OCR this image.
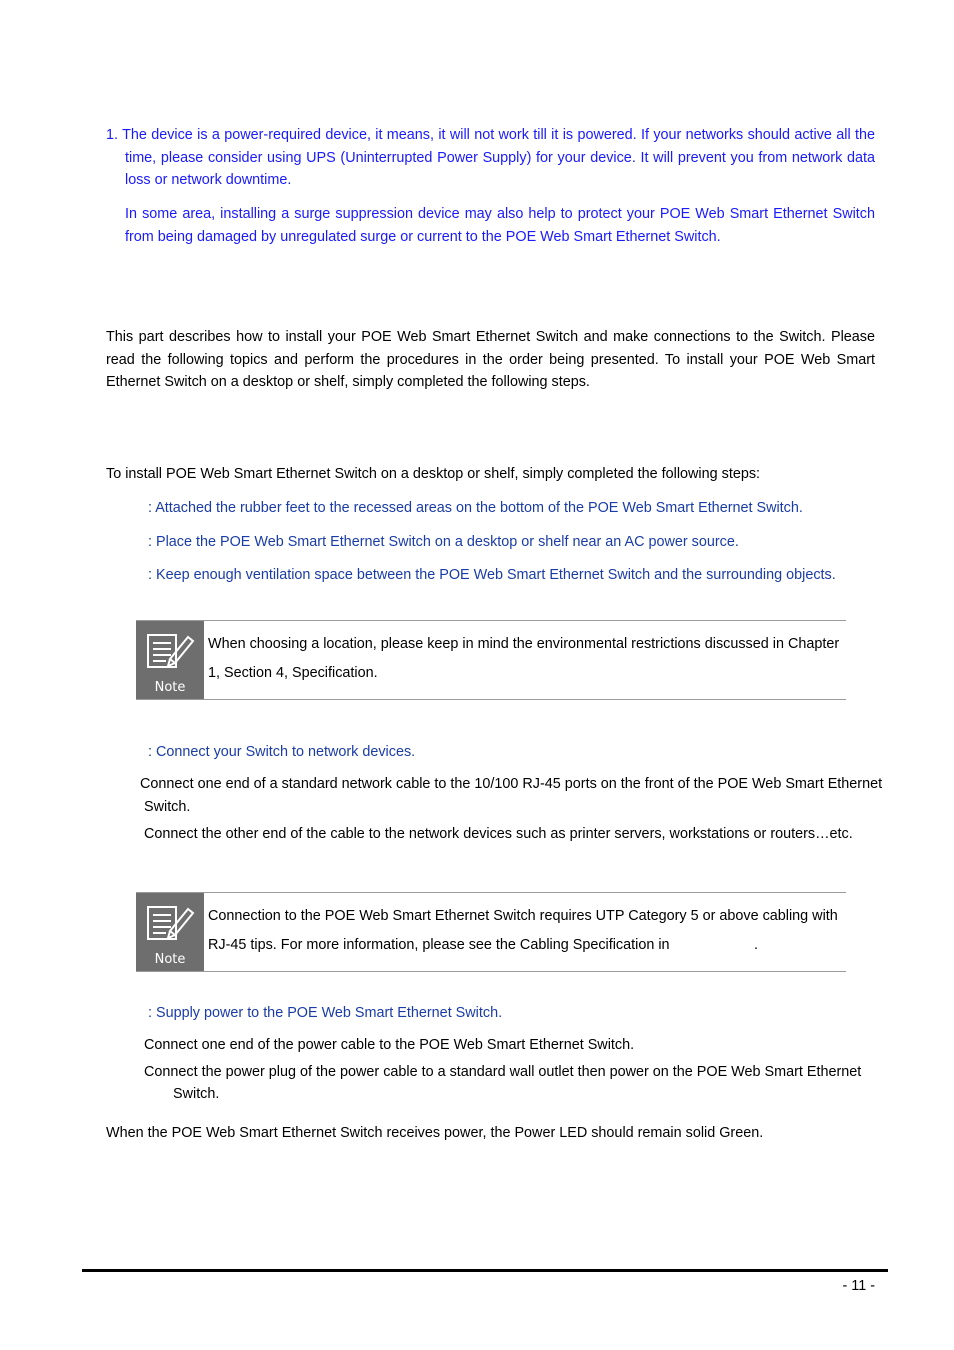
1. The device is a power-required device, it means, it will not work till it is powered. If your networks should active all the time, please consider using UPS (Uninterrupted Power Supply) for your device. It will prevent you from network data loss or network downtime.
In some area, installing a surge suppression device may also help to protect your POE Web Smart Ethernet Switch from being damaged by unregulated surge or current to the POE Web Smart Ethernet Switch.
This part describes how to install your POE Web Smart Ethernet Switch and make connections to the Switch. Please read the following topics and perform the procedures in the order being presented. To install your POE Web Smart Ethernet Switch on a desktop or shelf, simply completed the following steps.
To install POE Web Smart Ethernet Switch on a desktop or shelf, simply completed the following steps:
: Attached the rubber feet to the recessed areas on the bottom of the POE Web Smart Ethernet Switch.
: Place the POE Web Smart Ethernet Switch on a desktop or shelf near an AC power source.
: Keep enough ventilation space between the POE Web Smart Ethernet Switch and the surrounding objects.
Note
When choosing a location, please keep in mind the environmental restrictions discussed in Chapter 1, Section 4, Specification.
: Connect your Switch to network devices.
Connect one end of a standard network cable to the 10/100 RJ-45 ports on the front of the POE Web Smart Ethernet
Switch.
Connect the other end of the cable to the network devices such as printer servers, workstations or routers…etc.
Note
Connection to the POE Web Smart Ethernet Switch requires UTP Category 5 or above cabling with
RJ-45 tips. For more information, please see the Cabling Specification in	.
: Supply power to the POE Web Smart Ethernet Switch.
Connect one end of the power cable to the POE Web Smart Ethernet Switch.
Connect the power plug of the power cable to a standard wall outlet then power on the POE Web Smart Ethernet
Switch.
When the POE Web Smart Ethernet Switch receives power, the Power LED should remain solid Green.
- 11 -
